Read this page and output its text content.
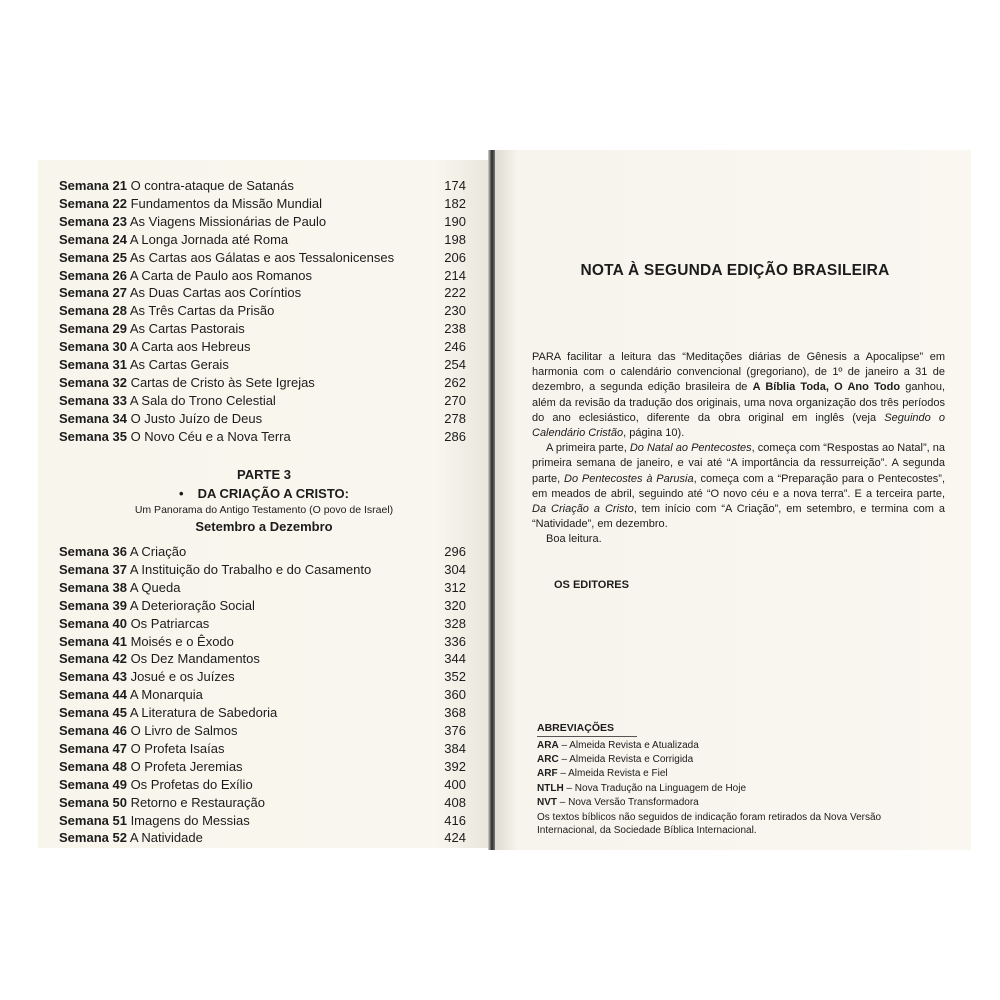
Semana 21 O contra-ataque de Satanás	174
Semana 22 Fundamentos da Missão Mundial	182
Semana 23 As Viagens Missionárias de Paulo	190
Semana 24 A Longa Jornada até Roma	198
Semana 25 As Cartas aos Gálatas e aos Tessalonicenses	206
Semana 26 A Carta de Paulo aos Romanos	214
Semana 27 As Duas Cartas aos Coríntios	222
Semana 28 As Três Cartas da Prisão	230
Semana 29 As Cartas Pastorais	238
Semana 30 A Carta aos Hebreus	246
Semana 31 As Cartas Gerais	254
Semana 32 Cartas de Cristo às Sete Igrejas	262
Semana 33 A Sala do Trono Celestial	270
Semana 34 O Justo Juízo de Deus	278
Semana 35 O Novo Céu e a Nova Terra	286
PARTE 3
• DA CRIAÇÃO A CRISTO:
Um Panorama do Antigo Testamento (O povo de Israel)
Setembro a Dezembro
Semana 36 A Criação	296
Semana 37 A Instituição do Trabalho e do Casamento	304
Semana 38 A Queda	312
Semana 39 A Deterioração Social	320
Semana 40 Os Patriarcas	328
Semana 41 Moisés e o Êxodo	336
Semana 42 Os Dez Mandamentos	344
Semana 43 Josué e os Juízes	352
Semana 44 A Monarquia	360
Semana 45 A Literatura de Sabedoria	368
Semana 46 O Livro de Salmos	376
Semana 47 O Profeta Isaías	384
Semana 48 O Profeta Jeremias	392
Semana 49 Os Profetas do Exílio	400
Semana 50 Retorno e Restauração	408
Semana 51 Imagens do Messias	416
Semana 52 A Natividade	424
NOTA À SEGUNDA EDIÇÃO BRASILEIRA

PARA facilitar a leitura das “Meditações diárias de Gênesis a Apocalipse” em harmonia com o calendário convencional (gregoriano), de 1º de janeiro a 31 de dezembro, a segunda edição brasileira de A Bíblia Toda, O Ano Todo ganhou, além da revisão da tradução dos originais, uma nova organização dos três períodos do ano eclesiástico, diferente da obra original em inglês (veja Seguindo o Calendário Cristão, página 10).

A primeira parte, Do Natal ao Pentecostes, começa com “Respostas ao Natal”, na primeira semana de janeiro, e vai até “A importância da ressurreição”. A segunda parte, Do Pentecostes à Parusia, começa com a “Preparação para o Pentecostes”, em meados de abril, seguindo até “O novo céu e a nova terra”. E a terceira parte, Da Criação a Cristo, tem início com “A Criação”, em setembro, e termina com a “Natividade”, em dezembro.

Boa leitura.

OS EDITORES
ABREVIAÇÕES
ARA – Almeida Revista e Atualizada
ARC – Almeida Revista e Corrigida
ARF – Almeida Revista e Fiel
NTLH – Nova Tradução na Linguagem de Hoje
NVT – Nova Versão Transformadora
Os textos bíblicos não seguidos de indicação foram retirados da Nova Versão Internacional, da Sociedade Bíblica Internacional.
